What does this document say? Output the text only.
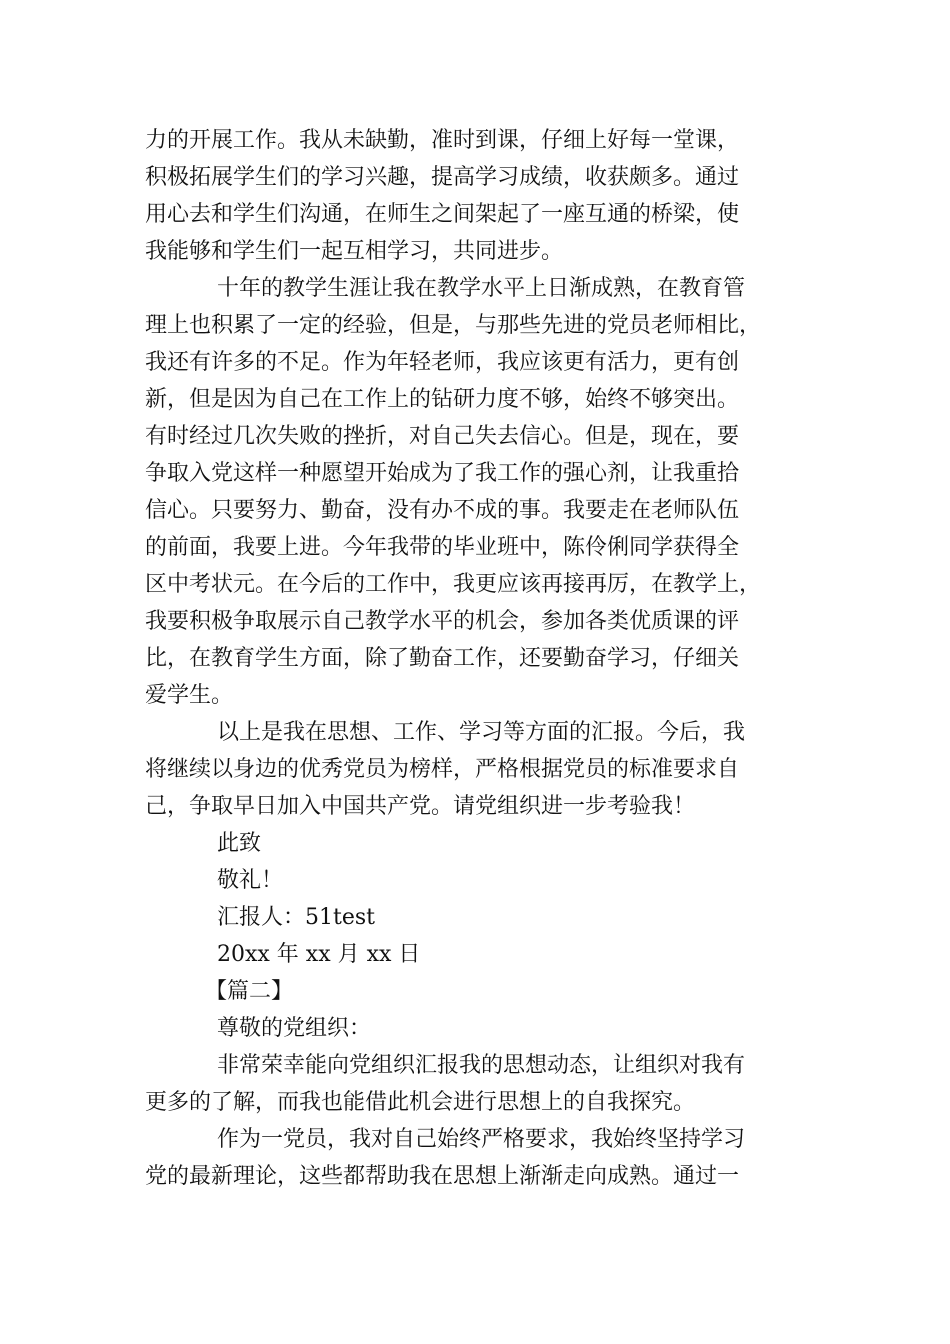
力的开展工作。我从未缺勤，准时到课，仔细上好每一堂课，
积极拓展学生们的学习兴趣，提高学习成绩，收获颇多。通过
用心去和学生们沟通，在师生之间架起了一座互通的桥梁，使
我能够和学生们一起互相学习，共同进步。
十年的教学生涯让我在教学水平上日渐成熟，在教育管
理上也积累了一定的经验，但是，与那些先进的党员老师相比，
我还有许多的不足。作为年轻老师，我应该更有活力，更有创
新，但是因为自己在工作上的钻研力度不够，始终不够突出。
有时经过几次失败的挫折，对自己失去信心。但是，现在，要
争取入党这样一种愿望开始成为了我工作的强心剂，让我重拾
信心。只要努力、勤奋，没有办不成的事。我要走在老师队伍
的前面，我要上进。今年我带的毕业班中，陈伶俐同学获得全
区中考状元。在今后的工作中，我更应该再接再厉，在教学上，
我要积极争取展示自己教学水平的机会，参加各类优质课的评
比，在教育学生方面，除了勤奋工作，还要勤奋学习，仔细关
爱学生。
以上是我在思想、工作、学习等方面的汇报。今后，我
将继续以身边的优秀党员为榜样，严格根据党员的标准要求自
己，争取早日加入中国共产党。请党组织进一步考验我！
此致
敬礼！
汇报人：51test
20xx 年 xx 月 xx 日
【篇二】
尊敬的党组织：
非常荣幸能向党组织汇报我的思想动态，让组织对我有
更多的了解，而我也能借此机会进行思想上的自我探究。
作为一党员，我对自己始终严格要求，我始终坚持学习
党的最新理论，这些都帮助我在思想上渐渐走向成熟。通过一
